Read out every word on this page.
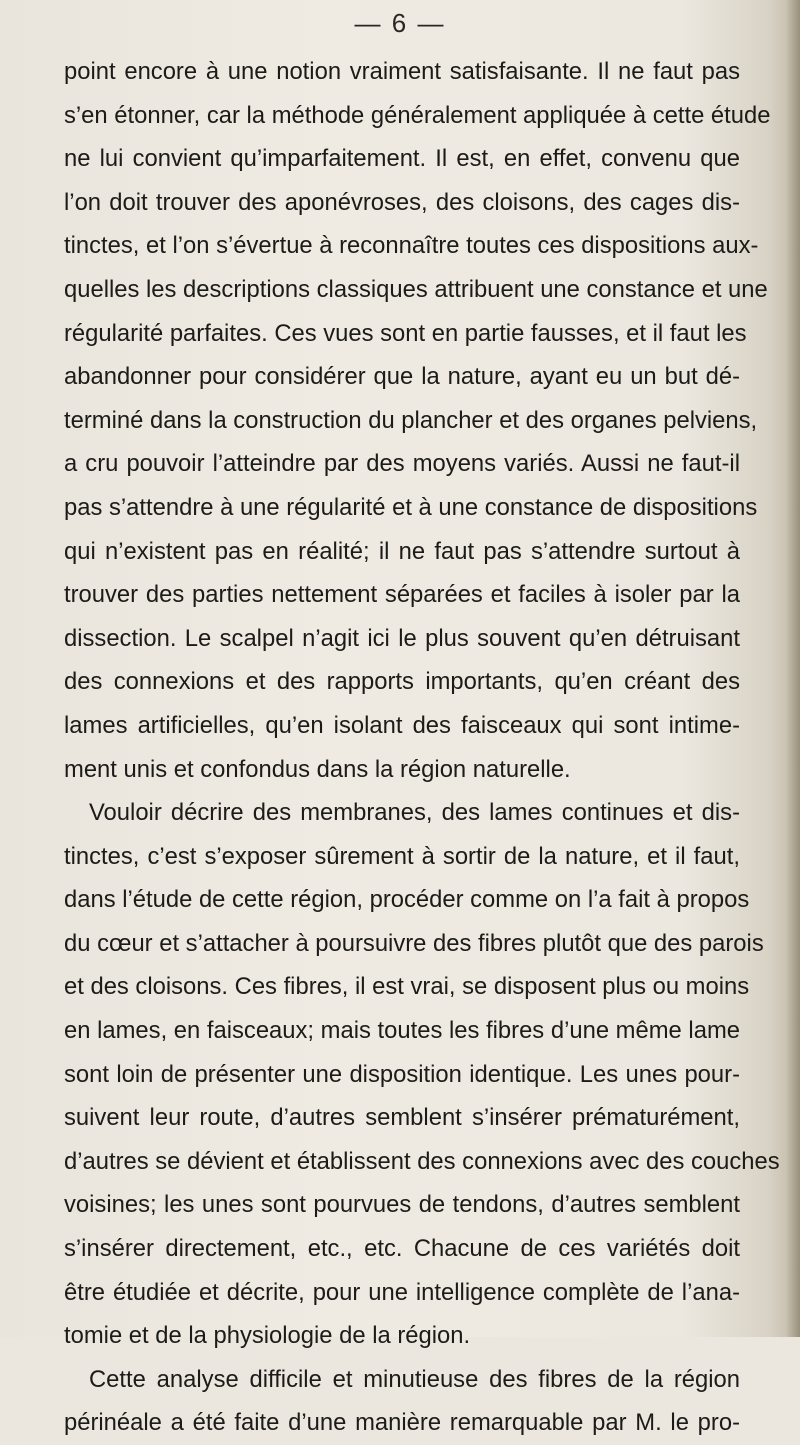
— 6 —
point encore à une notion vraiment satisfaisante. Il ne faut pas
s’en étonner, car la méthode généralement appliquée à cette étude
ne lui convient qu’imparfaitement. Il est, en effet, convenu que
l’on doit trouver des aponévroses, des cloisons, des cages dis-
tinctes, et l’on s’évertue à reconnaître toutes ces dispositions aux-
quelles les descriptions classiques attribuent une constance et une
régularité parfaites. Ces vues sont en partie fausses, et il faut les
abandonner pour considérer que la nature, ayant eu un but dé-
terminé dans la construction du plancher et des organes pelviens,
a cru pouvoir l’atteindre par des moyens variés. Aussi ne faut-il
pas s’attendre à une régularité et à une constance de dispositions
qui n’existent pas en réalité; il ne faut pas s’attendre surtout à
trouver des parties nettement séparées et faciles à isoler par la
dissection. Le scalpel n’agit ici le plus souvent qu’en détruisant
des connexions et des rapports importants, qu’en créant des
lames artificielles, qu’en isolant des faisceaux qui sont intime-
ment unis et confondus dans la région naturelle.
Vouloir décrire des membranes, des lames continues et dis-
tinctes, c’est s’exposer sûrement à sortir de la nature, et il faut,
dans l’étude de cette région, procéder comme on l’a fait à propos
du cœur et s’attacher à poursuivre des fibres plutôt que des parois
et des cloisons. Ces fibres, il est vrai, se disposent plus ou moins
en lames, en faisceaux; mais toutes les fibres d’une même lame
sont loin de présenter une disposition identique. Les unes pour-
suivent leur route, d’autres semblent s’insérer prématurément,
d’autres se dévient et établissent des connexions avec des couches
voisines; les unes sont pourvues de tendons, d’autres semblent
s’insérer directement, etc., etc. Chacune de ces variétés doit
être étudiée et décrite, pour une intelligence complète de l’ana-
tomie et de la physiologie de la région.
Cette analyse difficile et minutieuse des fibres de la région
périnéale a été faite d’une manière remarquable par M. le pro-
